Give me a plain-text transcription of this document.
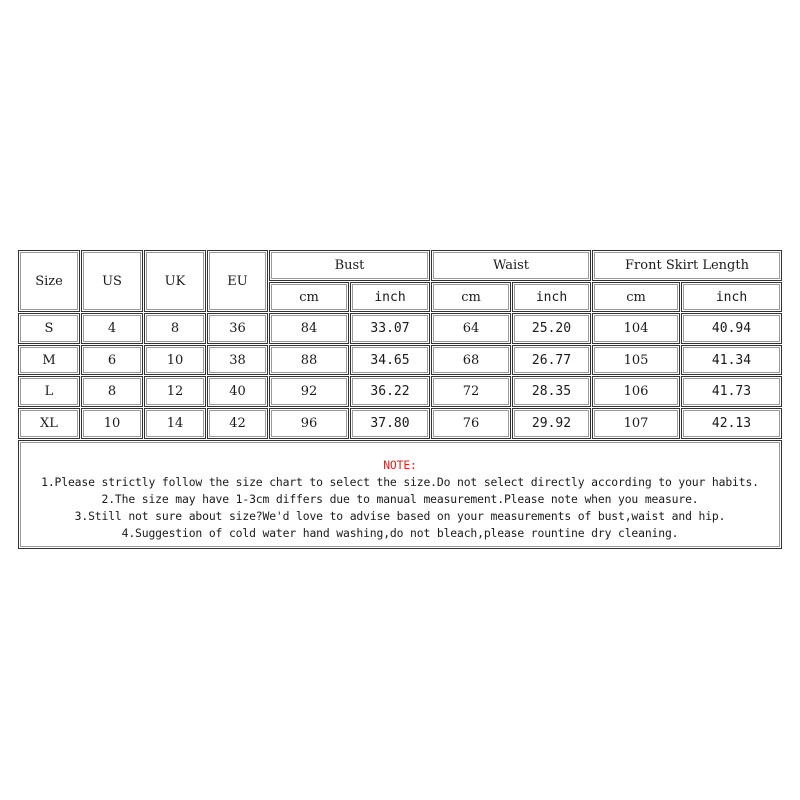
Size	US	UK	EU
Bust	Waist	Front Skirt Length
cm	inch	cm	inch	cm	inch
S	4	8	36	84	33.07	64	25.20	104	40.94
M	6	10	38	88	34.65	68	26.77	105	41.34
L	8	12	40	92	36.22	72	28.35	106	41.73
XL	10	14	42	96	37.80	76	29.92	107	42.13
NOTE:
1.Please strictly follow the size chart to select the size.Do not select directly according to your habits.
2.The size may have 1-3cm differs due to manual measurement.Please note when you measure.
3.Still not sure about size?We'd love to advise based on your measurements of bust,waist and hip.
4.Suggestion of cold water hand washing,do not bleach,please rountine dry cleaning.
